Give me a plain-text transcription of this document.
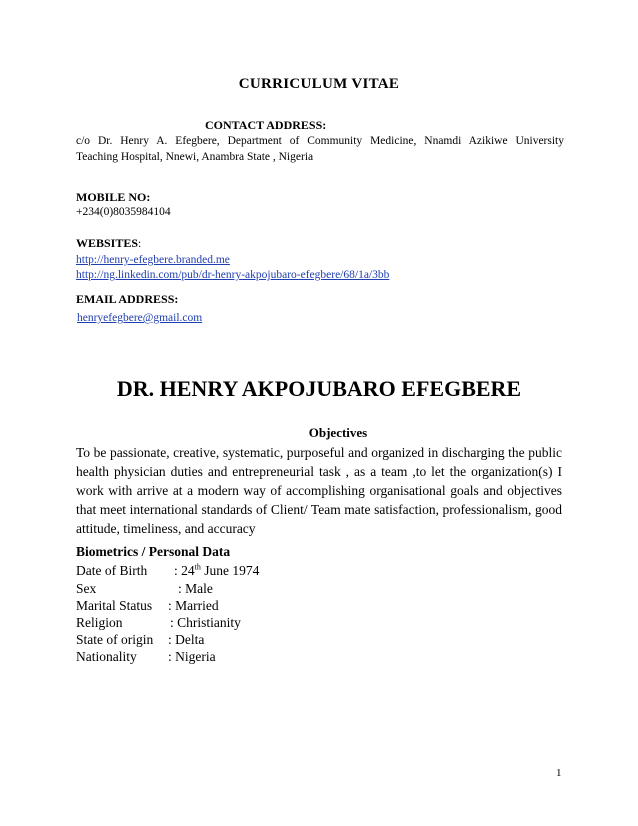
CURRICULUM VITAE
CONTACT ADDRESS:
c/o Dr. Henry A. Efegbere, Department of Community Medicine, Nnamdi Azikiwe University
Teaching Hospital, Nnewi, Anambra State , Nigeria
MOBILE NO:
+234(0)8035984104
WEBSITES:
http://henry-efegbere.branded.me
http://ng.linkedin.com/pub/dr-henry-akpojubaro-efegbere/68/1a/3bb
EMAIL ADDRESS:
henryefegbere@gmail.com
DR. HENRY AKPOJUBARO EFEGBERE
Objectives
To be passionate, creative, systematic, purposeful and organized in discharging the public health physician duties and entrepreneurial task , as a team ,to let the organization(s) I work with arrive at a modern way of accomplishing organisational goals and objectives that meet international standards of Client/ Team mate satisfaction, professionalism, good attitude, timeliness, and accuracy
Biometrics / Personal Data
Date of Birth : 24th June 1974
Sex	: Male
Marital Status : Married
Religion	: Christianity
State of origin : Delta
Nationality : Nigeria
1
